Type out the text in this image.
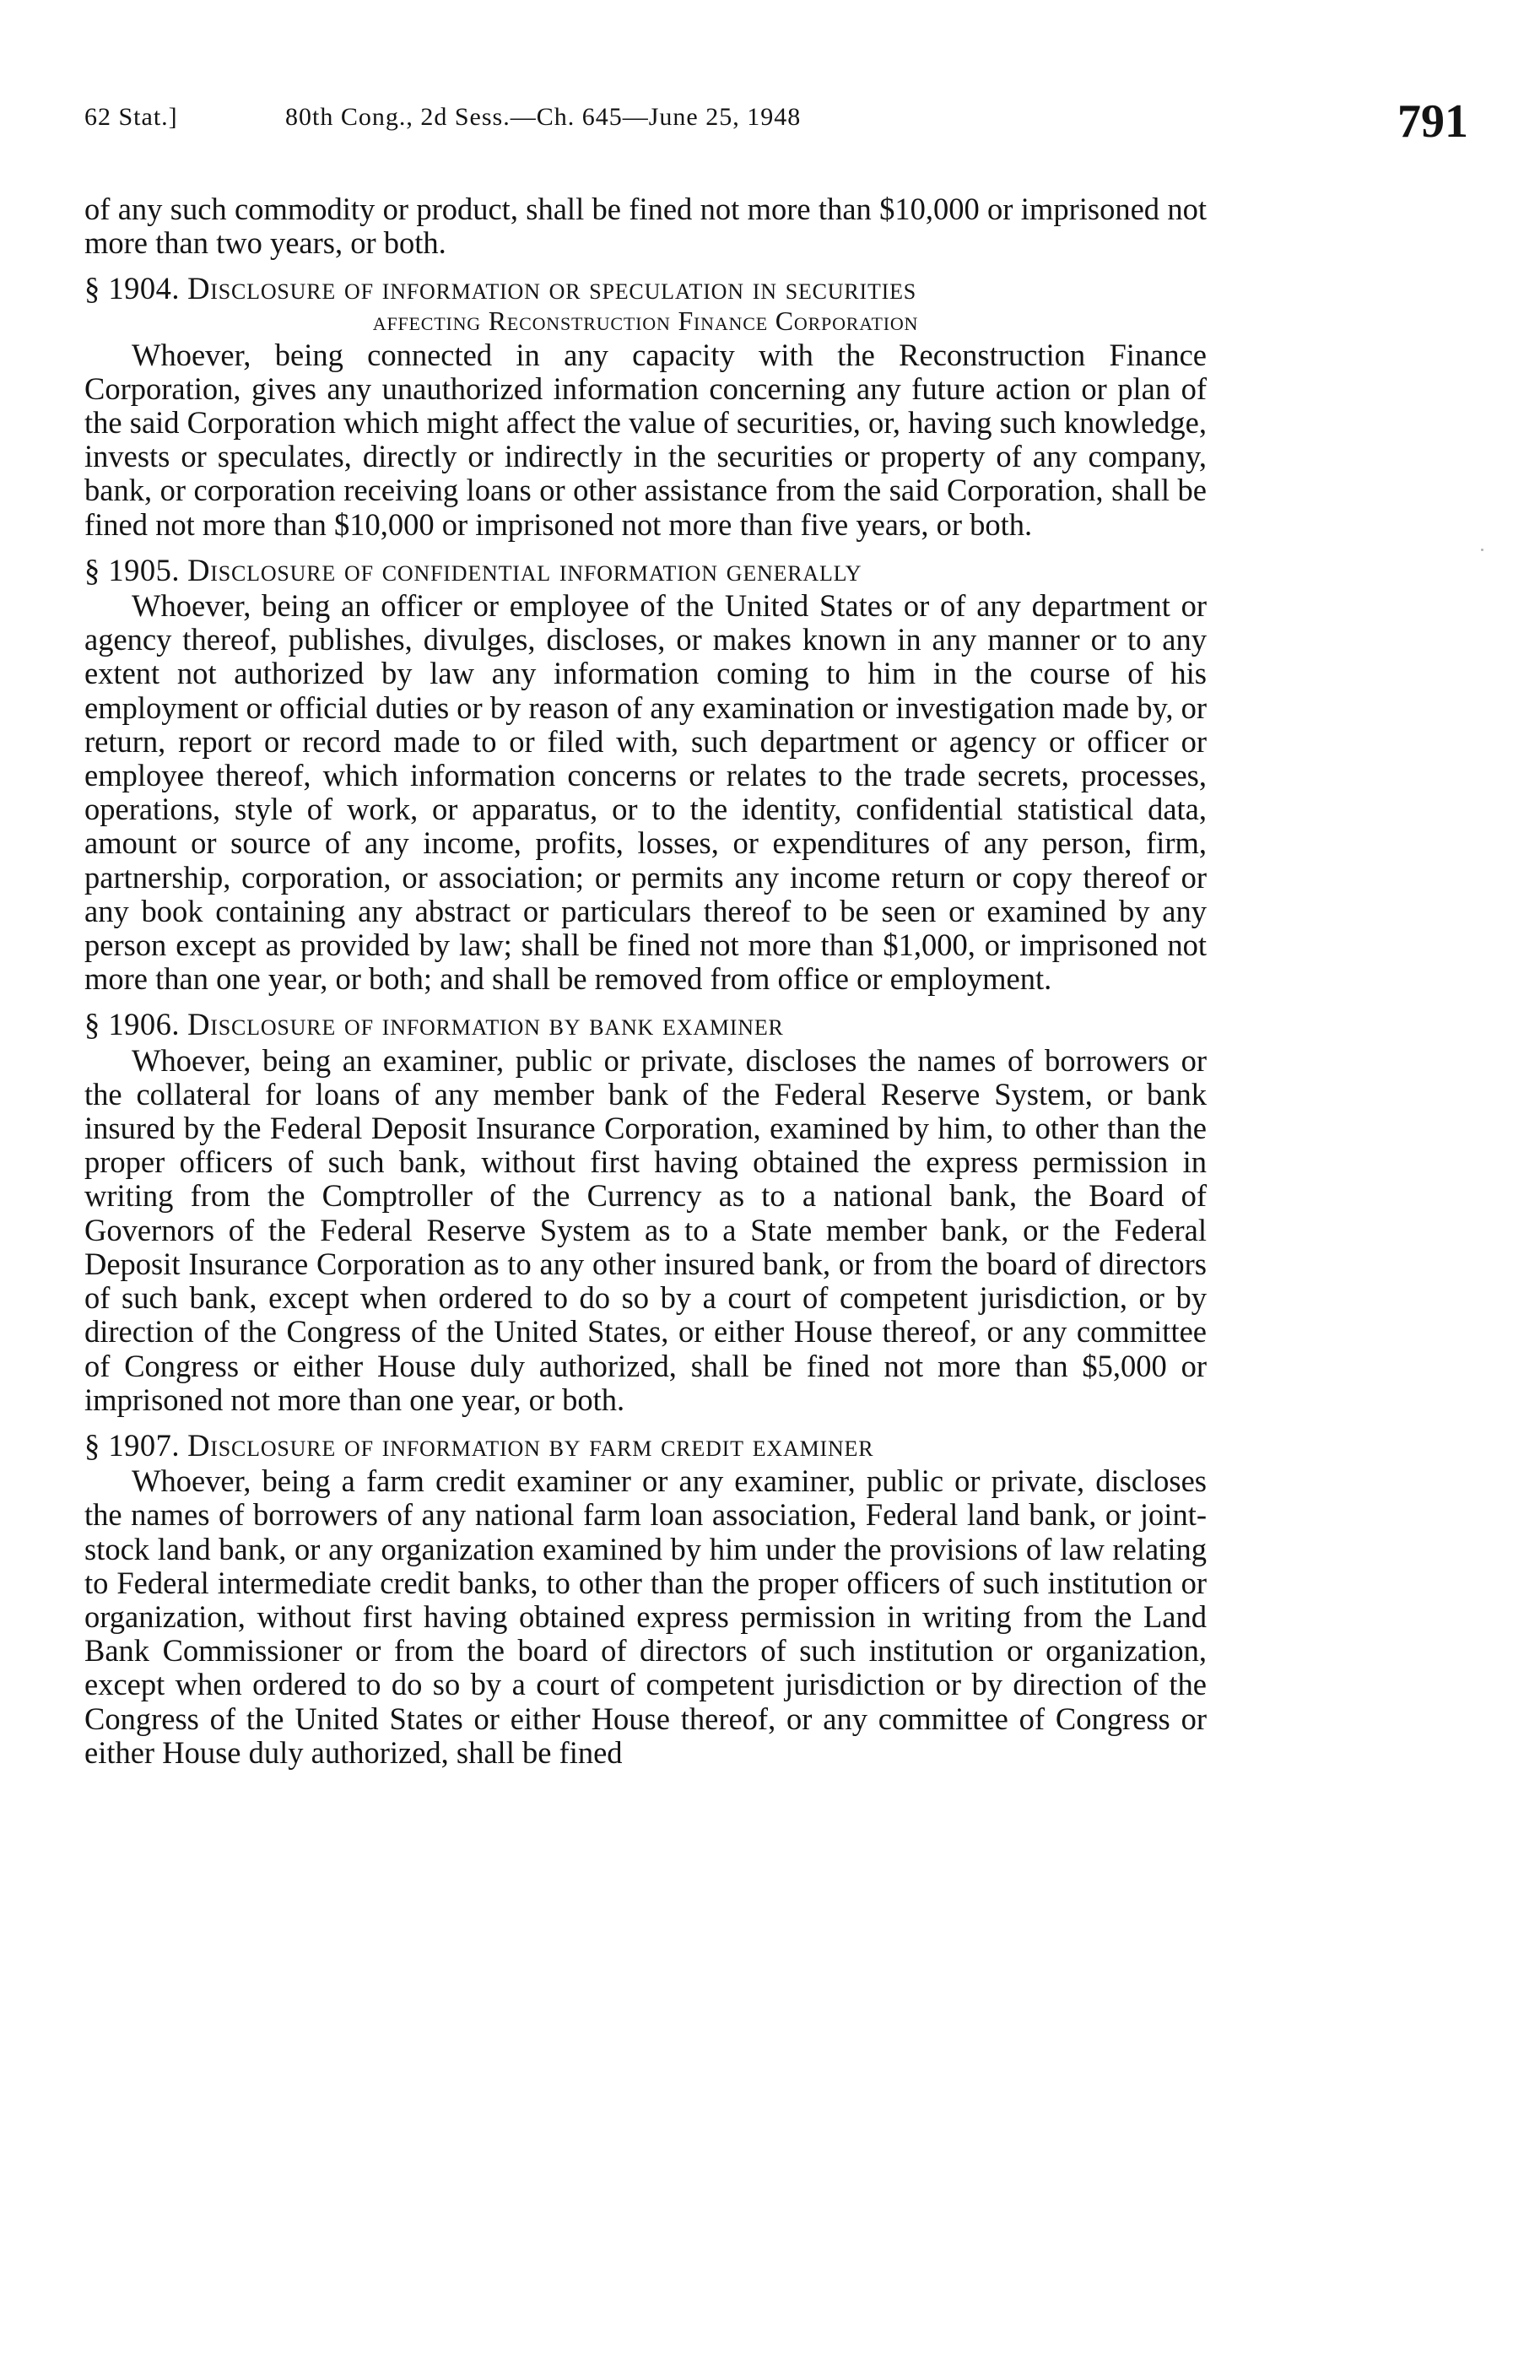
62 Stat.]	80th Cong., 2d Sess.—Ch. 645—June 25, 1948	791

of any such commodity or product, shall be fined not more than $10,000 or imprisoned not more than two years, or both.

§ 1904. Disclosure of information or speculation in securities
affecting Reconstruction Finance Corporation

Whoever, being connected in any capacity with the Reconstruction Finance Corporation, gives any unauthorized information concerning any future action or plan of the said Corporation which might affect the value of securities, or, having such knowledge, invests or speculates, directly or indirectly in the securities or property of any company, bank, or corporation receiving loans or other assistance from the said Corporation, shall be fined not more than $10,000 or imprisoned not more than five years, or both.

§ 1905. Disclosure of confidential information generally

Whoever, being an officer or employee of the United States or of any department or agency thereof, publishes, divulges, discloses, or makes known in any manner or to any extent not authorized by law any information coming to him in the course of his employment or official duties or by reason of any examination or investigation made by, or return, report or record made to or filed with, such department or agency or officer or employee thereof, which information concerns or relates to the trade secrets, processes, operations, style of work, or apparatus, or to the identity, confidential statistical data, amount or source of any income, profits, losses, or expenditures of any person, firm, partnership, corporation, or association; or permits any income return or copy thereof or any book containing any abstract or particulars thereof to be seen or examined by any person except as provided by law; shall be fined not more than $1,000, or imprisoned not more than one year, or both; and shall be removed from office or employment.

§ 1906. Disclosure of information by bank examiner

Whoever, being an examiner, public or private, discloses the names of borrowers or the collateral for loans of any member bank of the Federal Reserve System, or bank insured by the Federal Deposit Insurance Corporation, examined by him, to other than the proper officers of such bank, without first having obtained the express permission in writing from the Comptroller of the Currency as to a national bank, the Board of Governors of the Federal Reserve System as to a State member bank, or the Federal Deposit Insurance Corporation as to any other insured bank, or from the board of directors of such bank, except when ordered to do so by a court of competent jurisdiction, or by direction of the Congress of the United States, or either House thereof, or any committee of Congress or either House duly authorized, shall be fined not more than $5,000 or imprisoned not more than one year, or both.

§ 1907. Disclosure of information by farm credit examiner

Whoever, being a farm credit examiner or any examiner, public or private, discloses the names of borrowers of any national farm loan association, Federal land bank, or joint-stock land bank, or any organization examined by him under the provisions of law relating to Federal intermediate credit banks, to other than the proper officers of such institution or organization, without first having obtained express permission in writing from the Land Bank Commissioner or from the board of directors of such institution or organization, except when ordered to do so by a court of competent jurisdiction or by direction of the Congress of the United States or either House thereof, or any committee of Congress or either House duly authorized, shall be fined
